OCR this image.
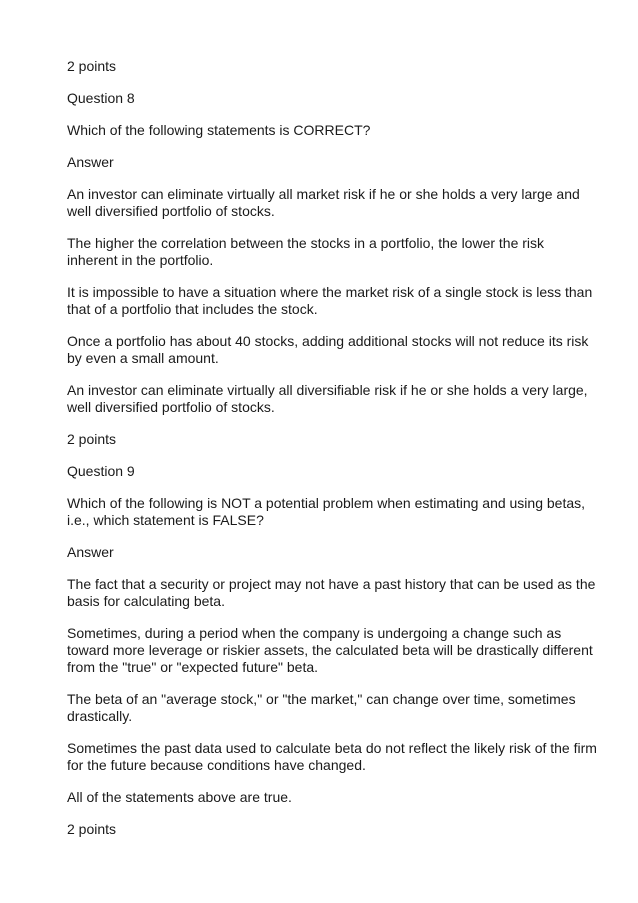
2 points

Question 8

Which of the following statements is CORRECT?

Answer

An investor can eliminate virtually all market risk if he or she holds a very large and well diversified portfolio of stocks.

The higher the correlation between the stocks in a portfolio, the lower the risk inherent in the portfolio.

It is impossible to have a situation where the market risk of a single stock is less than that of a portfolio that includes the stock.

Once a portfolio has about 40 stocks, adding additional stocks will not reduce its risk by even a small amount.

An investor can eliminate virtually all diversifiable risk if he or she holds a very large, well diversified portfolio of stocks.

2 points

Question 9

Which of the following is NOT a potential problem when estimating and using betas, i.e., which statement is FALSE?

Answer

The fact that a security or project may not have a past history that can be used as the basis for calculating beta.

Sometimes, during a period when the company is undergoing a change such as toward more leverage or riskier assets, the calculated beta will be drastically different from the "true" or "expected future" beta.

The beta of an "average stock," or "the market," can change over time, sometimes drastically.

Sometimes the past data used to calculate beta do not reflect the likely risk of the firm for the future because conditions have changed.

All of the statements above are true.

2 points
